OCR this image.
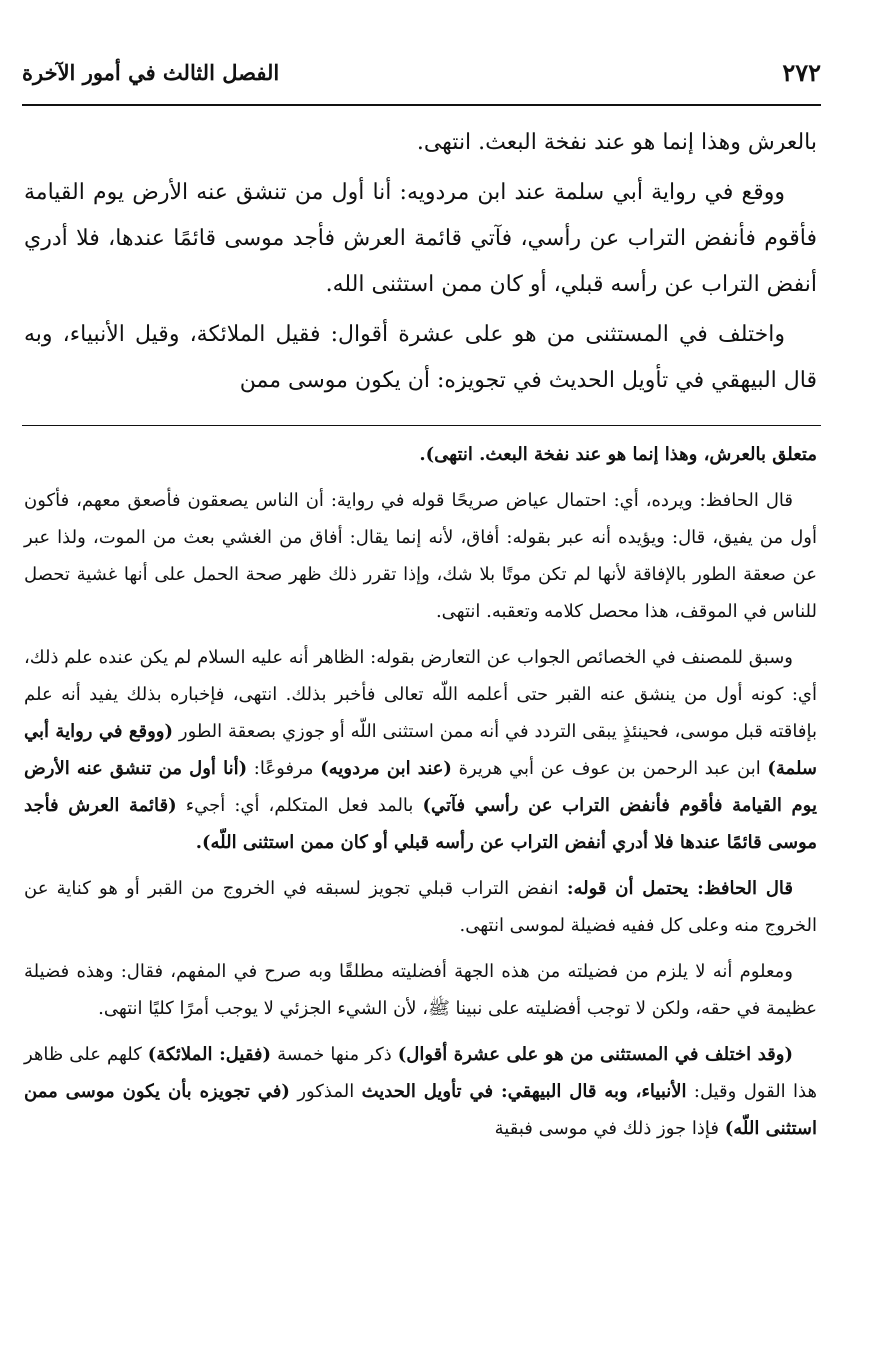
٢٧٢
الفصل الثالث في أمور الآخرة

بالعرش وهذا إنما هو عند نفخة البعث. انتهى.

ووقع في رواية أبي سلمة عند ابن مردويه: أنا أول من تنشق عنه الأرض يوم القيامة فأقوم فأنفض التراب عن رأسي، فآتي قائمة العرش فأجد موسى قائمًا عندها، فلا أدري أنفض التراب عن رأسه قبلي، أو كان ممن استثنى الله.

واختلف في المستثنى من هو على عشرة أقوال: فقيل الملائكة، وقيل الأنبياء، وبه قال البيهقي في تأويل الحديث في تجويزه: أن يكون موسى ممن

متعلق بالعرش، وهذا إنما هو عند نفخة البعث. انتهى).

قال الحافظ: ويرده، أي: احتمال عياض صريحًا قوله في رواية: أن الناس يصعقون فأصعق معهم، فأكون أول من يفيق، قال: ويؤيده أنه عبر بقوله: أفاق، لأنه إنما يقال: أفاق من الغشي بعث من الموت، ولذا عبر عن صعقة الطور بالإفاقة لأنها لم تكن موتًا بلا شك، وإذا تقرر ذلك ظهر صحة الحمل على أنها غشية تحصل للناس في الموقف، هذا محصل كلامه وتعقبه. انتهى.

وسبق للمصنف في الخصائص الجواب عن التعارض بقوله: الظاهر أنه عليه السلام لم يكن عنده علم ذلك، أي: كونه أول من ينشق عنه القبر حتى أعلمه اللّه تعالى فأخبر بذلك. انتهى، فإخباره بذلك يفيد أنه علم بإفاقته قبل موسى، فحينئذٍ يبقى التردد في أنه ممن استثنى اللّه أو جوزي بصعقة الطور (ووقع في رواية أبي سلمة) ابن عبد الرحمن بن عوف عن أبي هريرة (عند ابن مردويه) مرفوعًا: (أنا أول من تنشق عنه الأرض يوم القيامة فأقوم فأنفض التراب عن رأسي فآتي) بالمد فعل المتكلم، أي: أجيء (قائمة العرش فأجد موسى قائمًا عندها فلا أدري أنفض التراب عن رأسه قبلي أو كان ممن استثنى اللّه).

قال الحافظ: يحتمل أن قوله: انفض التراب قبلي تجويز لسبقه في الخروج من القبر أو هو كناية عن الخروج منه وعلى كل ففيه فضيلة لموسى انتهى.

ومعلوم أنه لا يلزم من فضيلته من هذه الجهة أفضليته مطلقًا وبه صرح في المفهم، فقال: وهذه فضيلة عظيمة في حقه، ولكن لا توجب أفضليته على نبينا ﷺ، لأن الشيء الجزئي لا يوجب أمرًا كليًا انتهى.

(وقد اختلف في المستثنى من هو على عشرة أقوال) ذكر منها خمسة (فقيل: الملائكة) كلهم على ظاهر هذا القول وقيل: الأنبياء، وبه قال البيهقي: في تأويل الحديث المذكور (في تجويزه بأن يكون موسى ممن استثنى اللّه) فإذا جوز ذلك في موسى فبقية
